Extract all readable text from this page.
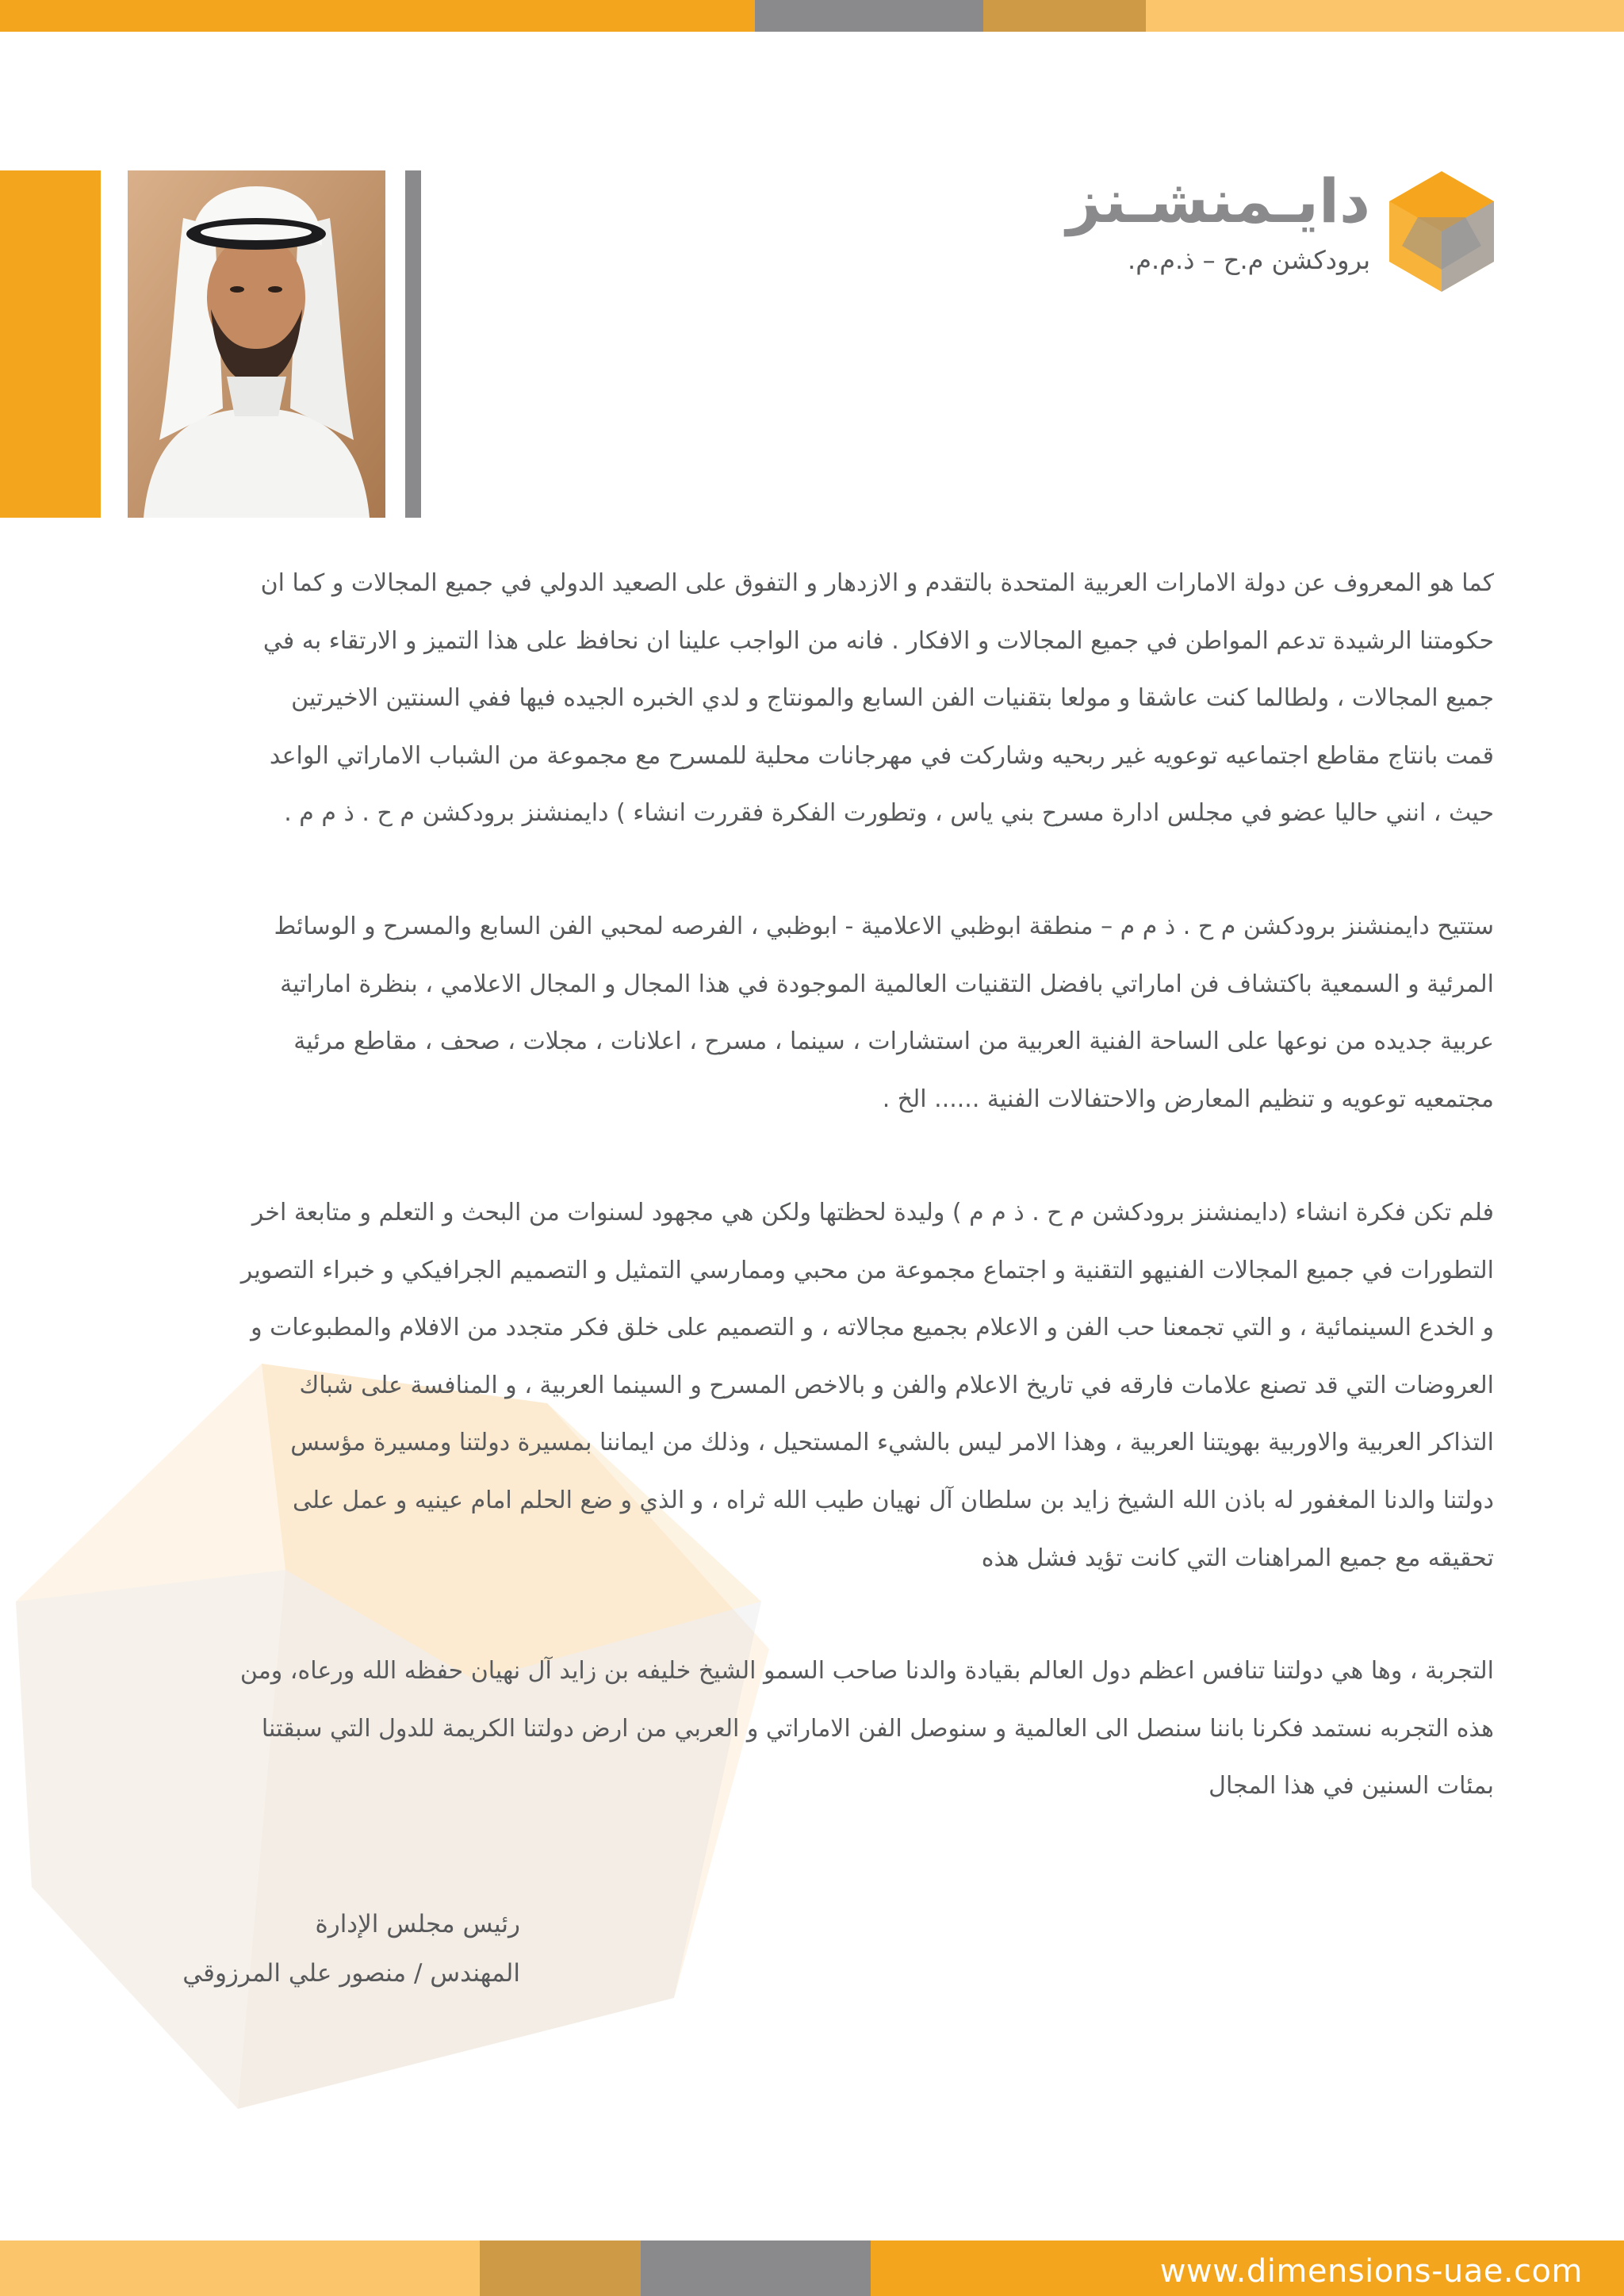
دايـمنشـنز
برودكشن م.ح – ذ.م.م.

كما هو المعروف عن دولة الامارات العربية المتحدة بالتقدم و الازدهار و التفوق على الصعيد الدولي في جميع المجالات و كما ان

حكومتنا الرشيدة تدعم المواطن في جميع المجالات و الافكار . فانه من الواجب علينا ان نحافظ على هذا التميز و الارتقاء به في

جميع المجالات ، ولطالما كنت عاشقا و مولعا بتقنيات الفن السابع والمونتاج و لدي الخبره الجيده فيها ففي السنتين الاخيرتين

قمت بانتاج مقاطع اجتماعيه توعويه غير ربحيه وشاركت في مهرجانات محلية للمسرح مع مجموعة من الشباب الاماراتي الواعد

حيث ، انني حاليا عضو في مجلس ادارة مسرح بني ياس ، وتطورت الفكرة فقررت انشاء ) دايمنشنز برودكشن م ح . ذ م م .

ستتيح دايمنشنز برودكشن م ح . ذ م م – منطقة ابوظبي الاعلامية - ابوظبي ، الفرصه لمحبي الفن السابع والمسرح و الوسائط

المرئية و السمعية باكتشاف فن اماراتي بافضل التقنيات العالمية الموجودة في هذا المجال و المجال الاعلامي ، بنظرة اماراتية

عربية جديده من نوعها على الساحة الفنية العربية من استشارات ، سينما ، مسرح ، اعلانات ، مجلات ، صحف ، مقاطع مرئية

مجتمعيه توعويه و تنظيم المعارض والاحتفالات الفنية ...... الخ .

فلم تكن فكرة انشاء (دايمنشنز برودكشن م ح . ذ م م ) وليدة لحظتها ولكن هي مجهود لسنوات من البحث و التعلم و متابعة اخر

التطورات في جميع المجالات الفنيهو التقنية و اجتماع مجموعة من محبي وممارسي التمثيل و التصميم الجرافيكي و خبراء التصوير

و الخدع السينمائية ، و التي تجمعنا حب الفن و الاعلام بجميع مجالاته ، و التصميم على خلق فكر متجدد من الافلام والمطبوعات و

العروضات التي قد تصنع علامات فارقه في تاريخ الاعلام والفن و بالاخص المسرح و السينما العربية ، و المنافسة على شباك

التذاكر العربية والاوربية بهويتنا العربية ، وهذا الامر ليس بالشيء المستحيل ، وذلك من ايماننا بمسيرة دولتنا ومسيرة مؤسس

دولتنا والدنا المغفور له باذن الله الشيخ زايد بن سلطان آل نهيان طيب الله ثراه ، و الذي و ضع الحلم امام عينيه و عمل على

تحقيقه مع جميع المراهنات التي كانت تؤيد فشل هذه

التجربة ، وها هي دولتنا تنافس اعظم دول العالم بقيادة والدنا صاحب السمو الشيخ خليفه بن زايد آل نهيان حفظه الله ورعاه، ومن

هذه التجربه نستمد فكرنا باننا سنصل الى العالمية و سنوصل الفن الاماراتي و العربي من ارض دولتنا الكريمة للدول التي سبقتنا

بمئات السنين في هذا المجال

رئيس مجلس الإدارة

المهندس / منصور علي المرزوقي

www.dimensions-uae.com
